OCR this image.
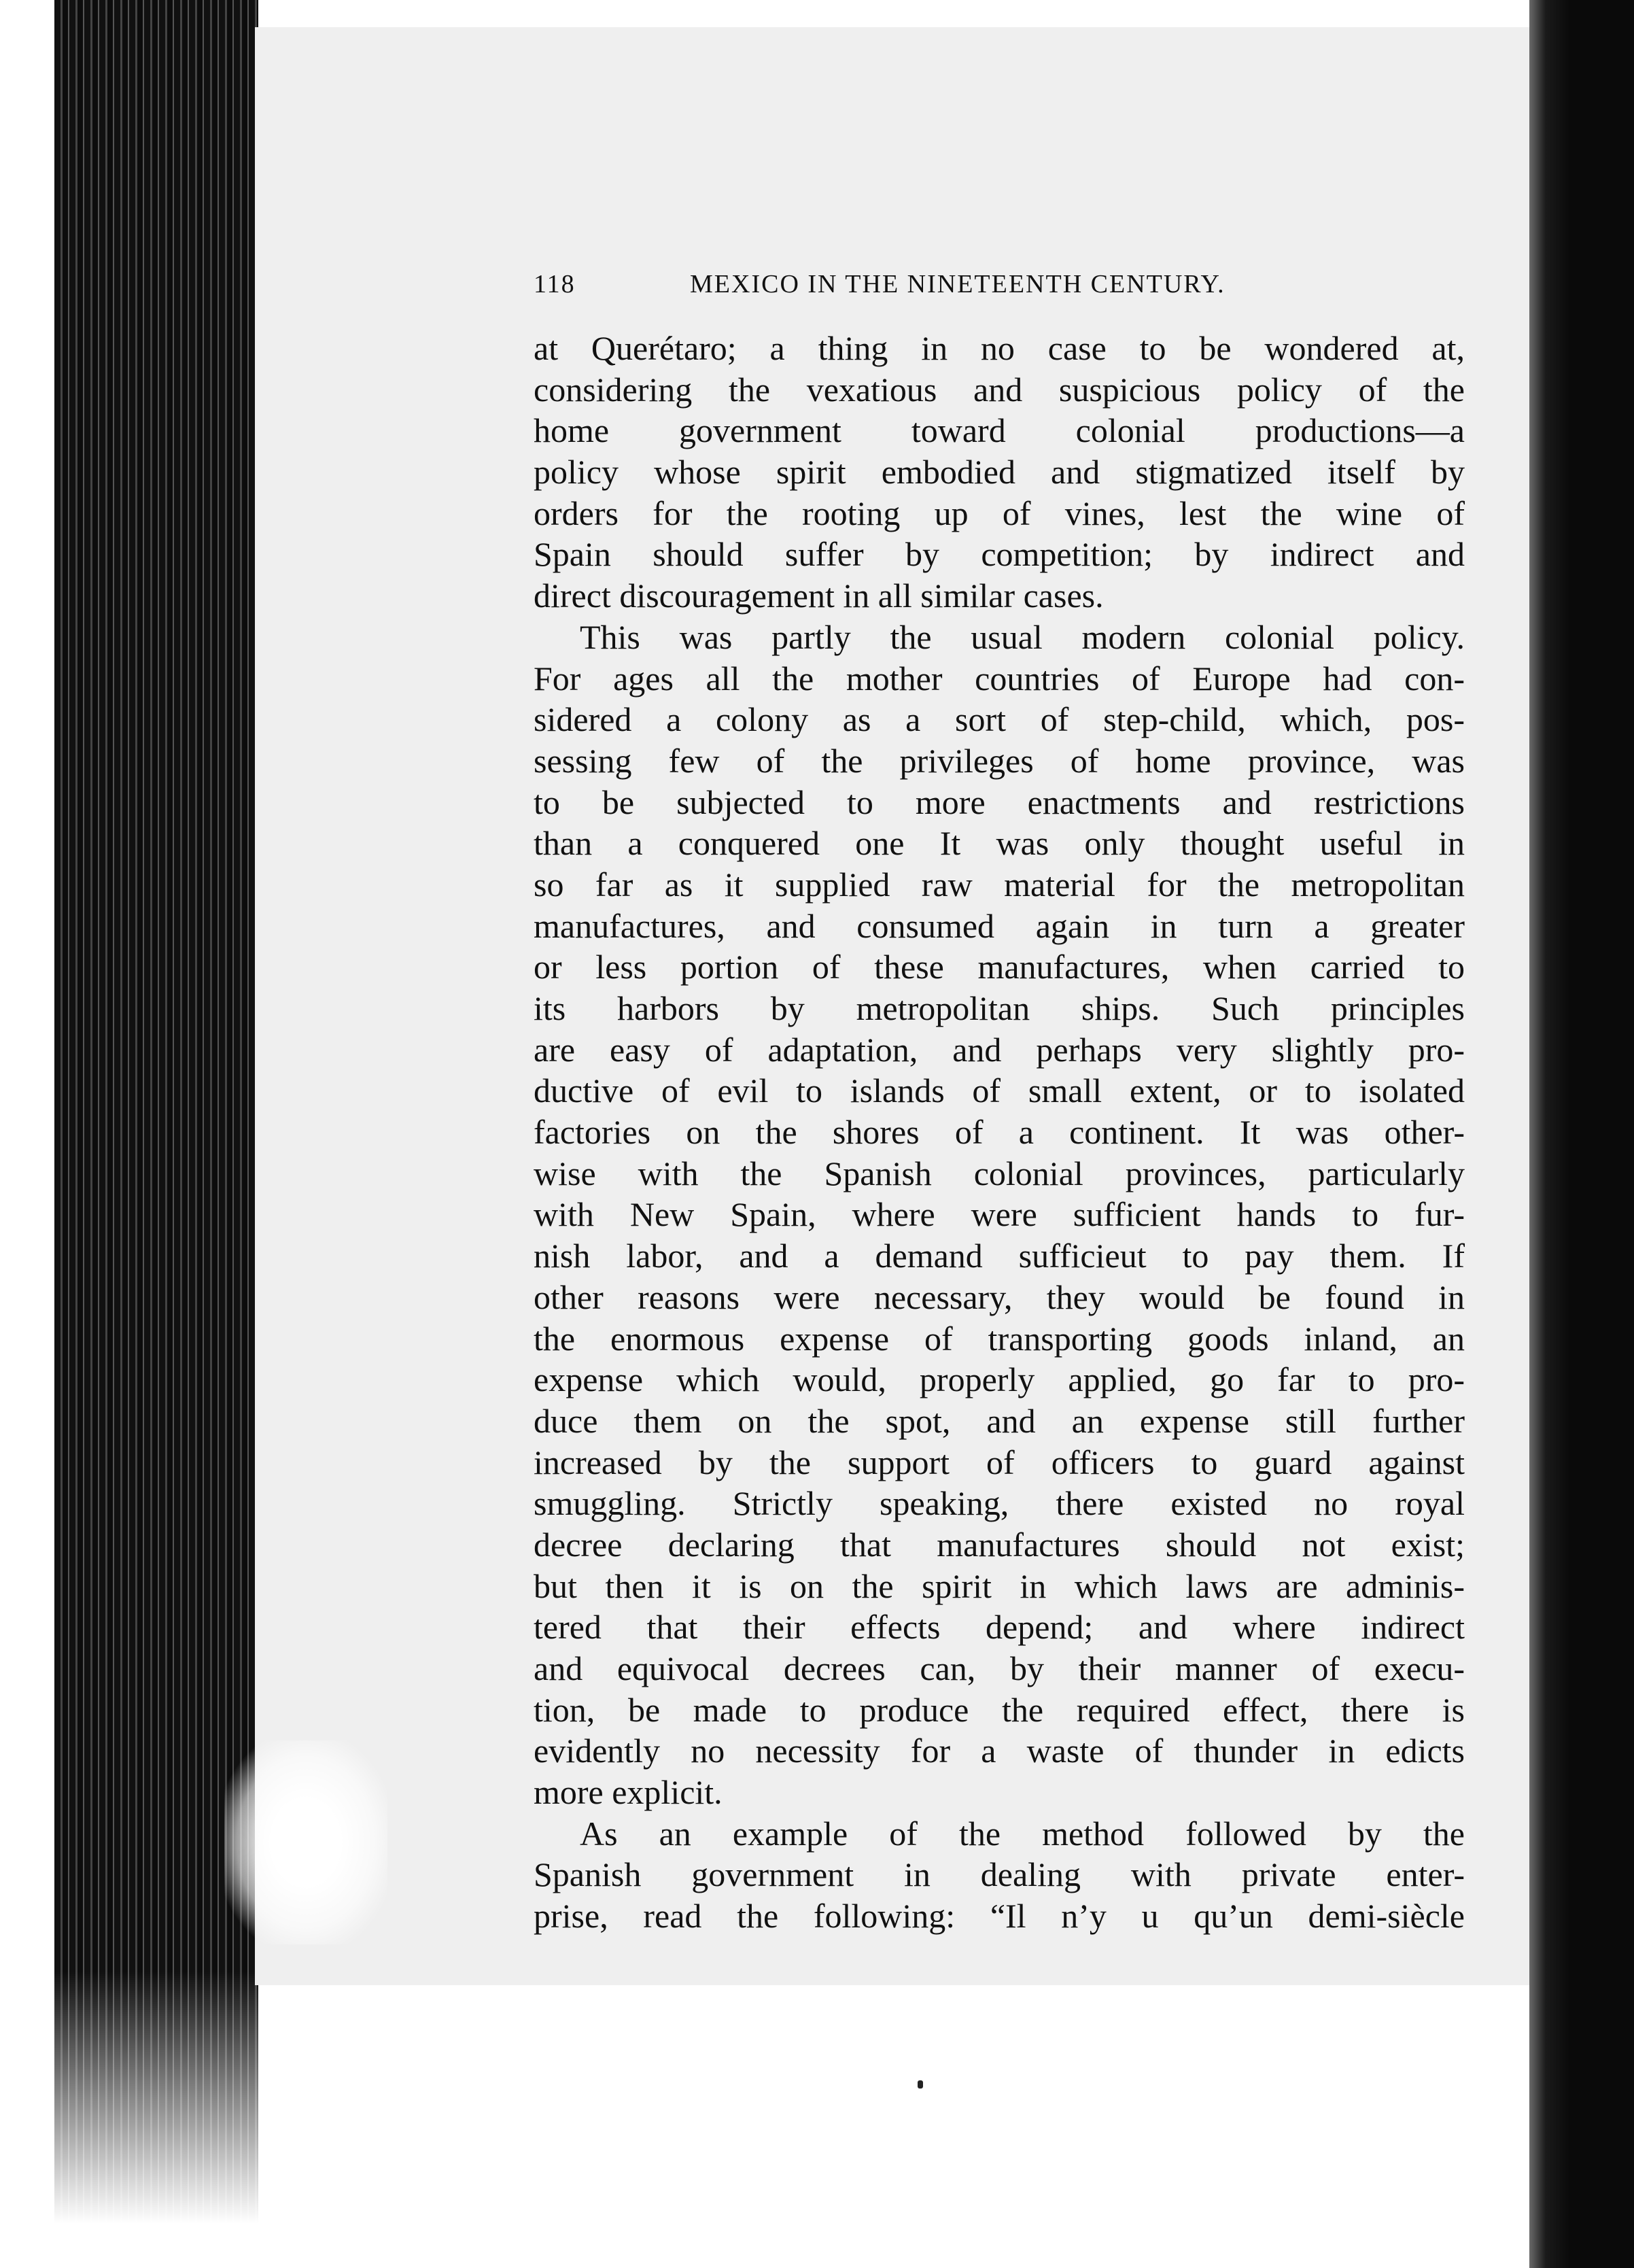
118	MEXICO IN THE NINETEENTH CENTURY.
at Querétaro; a thing in no case to be wondered at,
considering the vexatious and suspicious policy of the
home government toward colonial productions—a
policy whose spirit embodied and stigmatized itself by
orders for the rooting up of vines, lest the wine of
Spain should suffer by competition; by indirect and
direct discouragement in all similar cases.
This was partly the usual modern colonial policy.
For ages all the mother countries of Europe had con-
sidered a colony as a sort of step-child, which, pos-
sessing few of the privileges of home province, was
to be subjected to more enactments and restrictions
than a conquered one It was only thought useful in
so far as it supplied raw material for the metropolitan
manufactures, and consumed again in turn a greater
or less portion of these manufactures, when carried to
its harbors by metropolitan ships. Such principles
are easy of adaptation, and perhaps very slightly pro-
ductive of evil to islands of small extent, or to isolated
factories on the shores of a continent. It was other-
wise with the Spanish colonial provinces, particularly
with New Spain, where were sufficient hands to fur-
nish labor, and a demand sufficieut to pay them. If
other reasons were necessary, they would be found in
the enormous expense of transporting goods inland, an
expense which would, properly applied, go far to pro-
duce them on the spot, and an expense still further
increased by the support of officers to guard against
smuggling. Strictly speaking, there existed no royal
decree declaring that manufactures should not exist;
but then it is on the spirit in which laws are adminis-
tered that their effects depend; and where indirect
and equivocal decrees can, by their manner of execu-
tion, be made to produce the required effect, there is
evidently no necessity for a waste of thunder in edicts
more explicit.
As an example of the method followed by the
Spanish government in dealing with private enter-
prise, read the following: “Il n’y u qu’un demi-siècle
